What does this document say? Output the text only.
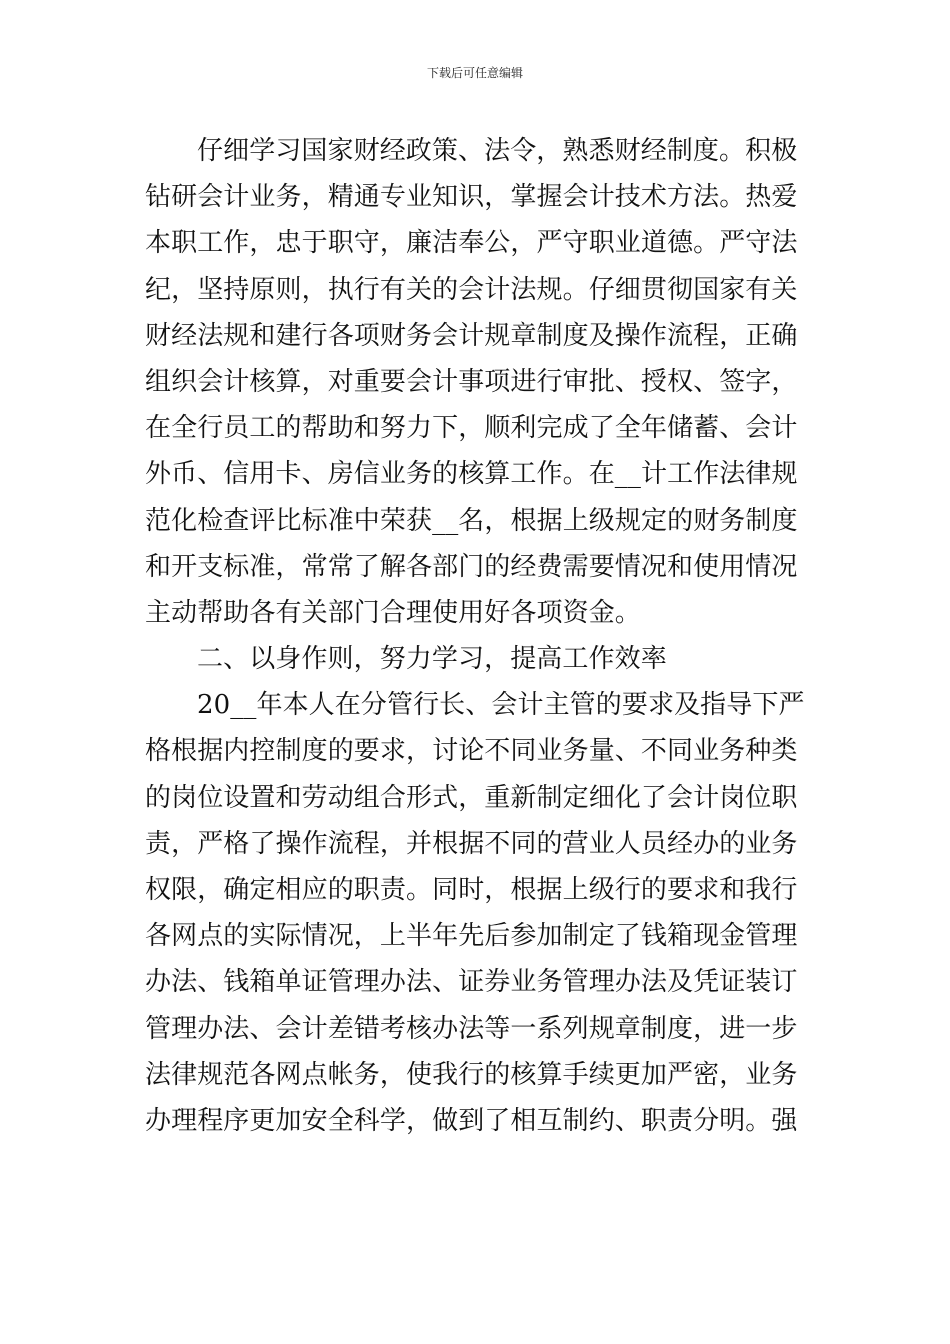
下载后可任意编辑
仔细学习国家财经政策、法令，熟悉财经制度。积极
钻研会计业务，精通专业知识，掌握会计技术方法。热爱
本职工作，忠于职守，廉洁奉公，严守职业道德。严守法
纪，坚持原则，执行有关的会计法规。仔细贯彻国家有关
财经法规和建行各项财务会计规章制度及操作流程，正确
组织会计核算，对重要会计事项进行审批、授权、签字，
在全行员工的帮助和努力下，顺利完成了全年储蓄、会计
外币、信用卡、房信业务的核算工作。在__计工作法律规
范化检查评比标准中荣获__名，根据上级规定的财务制度
和开支标准，常常了解各部门的经费需要情况和使用情况
主动帮助各有关部门合理使用好各项资金。
二、以身作则，努力学习，提高工作效率
20__年本人在分管行长、会计主管的要求及指导下严
格根据内控制度的要求，讨论不同业务量、不同业务种类
的岗位设置和劳动组合形式，重新制定细化了会计岗位职
责，严格了操作流程，并根据不同的营业人员经办的业务
权限，确定相应的职责。同时，根据上级行的要求和我行
各网点的实际情况，上半年先后参加制定了钱箱现金管理
办法、钱箱单证管理办法、证券业务管理办法及凭证装订
管理办法、会计差错考核办法等一系列规章制度，进一步
法律规范各网点帐务，使我行的核算手续更加严密，业务
办理程序更加安全科学，做到了相互制约、职责分明。强
